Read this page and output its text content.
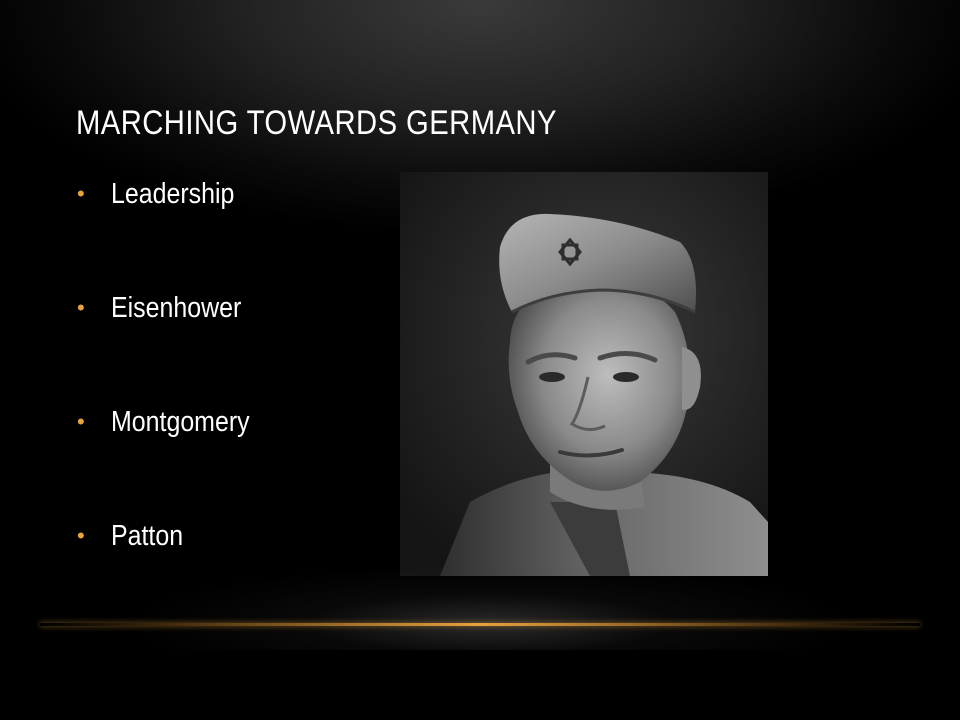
MARCHING TOWARDS GERMANY
• Leadership
• Eisenhower
• Montgomery
• Patton
